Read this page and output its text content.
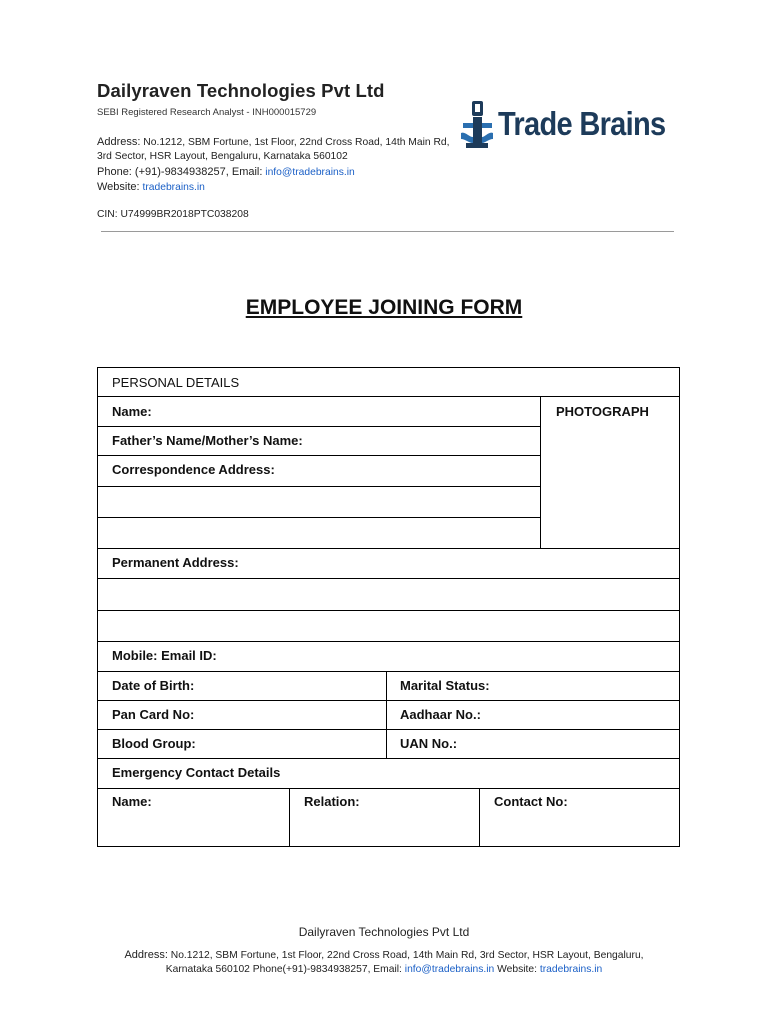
Dailyraven Technologies Pvt Ltd
SEBI Registered Research Analyst - INH000015729
Address: No.1212, SBM Fortune, 1st Floor, 22nd Cross Road, 14th Main Rd,
3rd Sector, HSR Layout, Bengaluru, Karnataka 560102
Phone: (+91)-9834938257, Email: info@tradebrains.in
Website: tradebrains.in
CIN: U74999BR2018PTC038208
Trade Brains
EMPLOYEE JOINING FORM
PERSONAL DETAILS
Name:	PHOTOGRAPH
Father’s Name/Mother’s Name:
Correspondence Address:
Permanent Address:
Mobile: Email ID:
Date of Birth:	Marital Status:
Pan Card No:	Aadhaar No.:
Blood Group:	UAN No.:
Emergency Contact Details
Name:	Relation:	Contact No:
Dailyraven Technologies Pvt Ltd
Address: No.1212, SBM Fortune, 1st Floor, 22nd Cross Road, 14th Main Rd, 3rd Sector, HSR Layout, Bengaluru,
Karnataka 560102 Phone(+91)-9834938257, Email: info@tradebrains.in Website: tradebrains.in
